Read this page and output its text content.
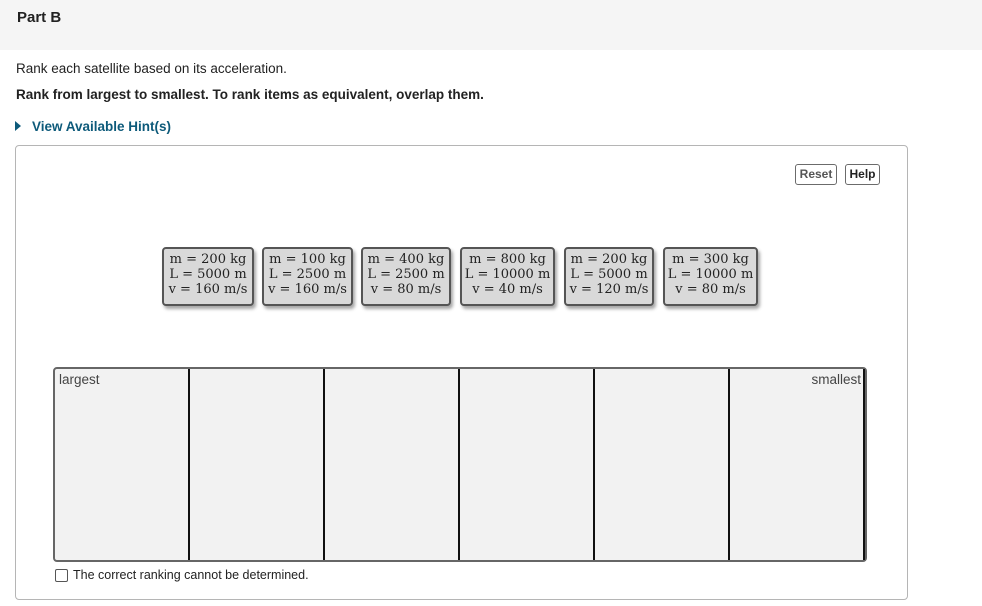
Part B
Rank each satellite based on its acceleration.
Rank from largest to smallest. To rank items as equivalent, overlap them.
View Available Hint(s)
Reset	Help
m = 200 kg
L = 5000 m
v = 160 m/s
m = 100 kg
L = 2500 m
v = 160 m/s
m = 400 kg
L = 2500 m
v = 80 m/s
m = 800 kg
L = 10000 m
v = 40 m/s
m = 200 kg
L = 5000 m
v = 120 m/s
m = 300 kg
L = 10000 m
v = 80 m/s
largest	smallest
The correct ranking cannot be determined.
